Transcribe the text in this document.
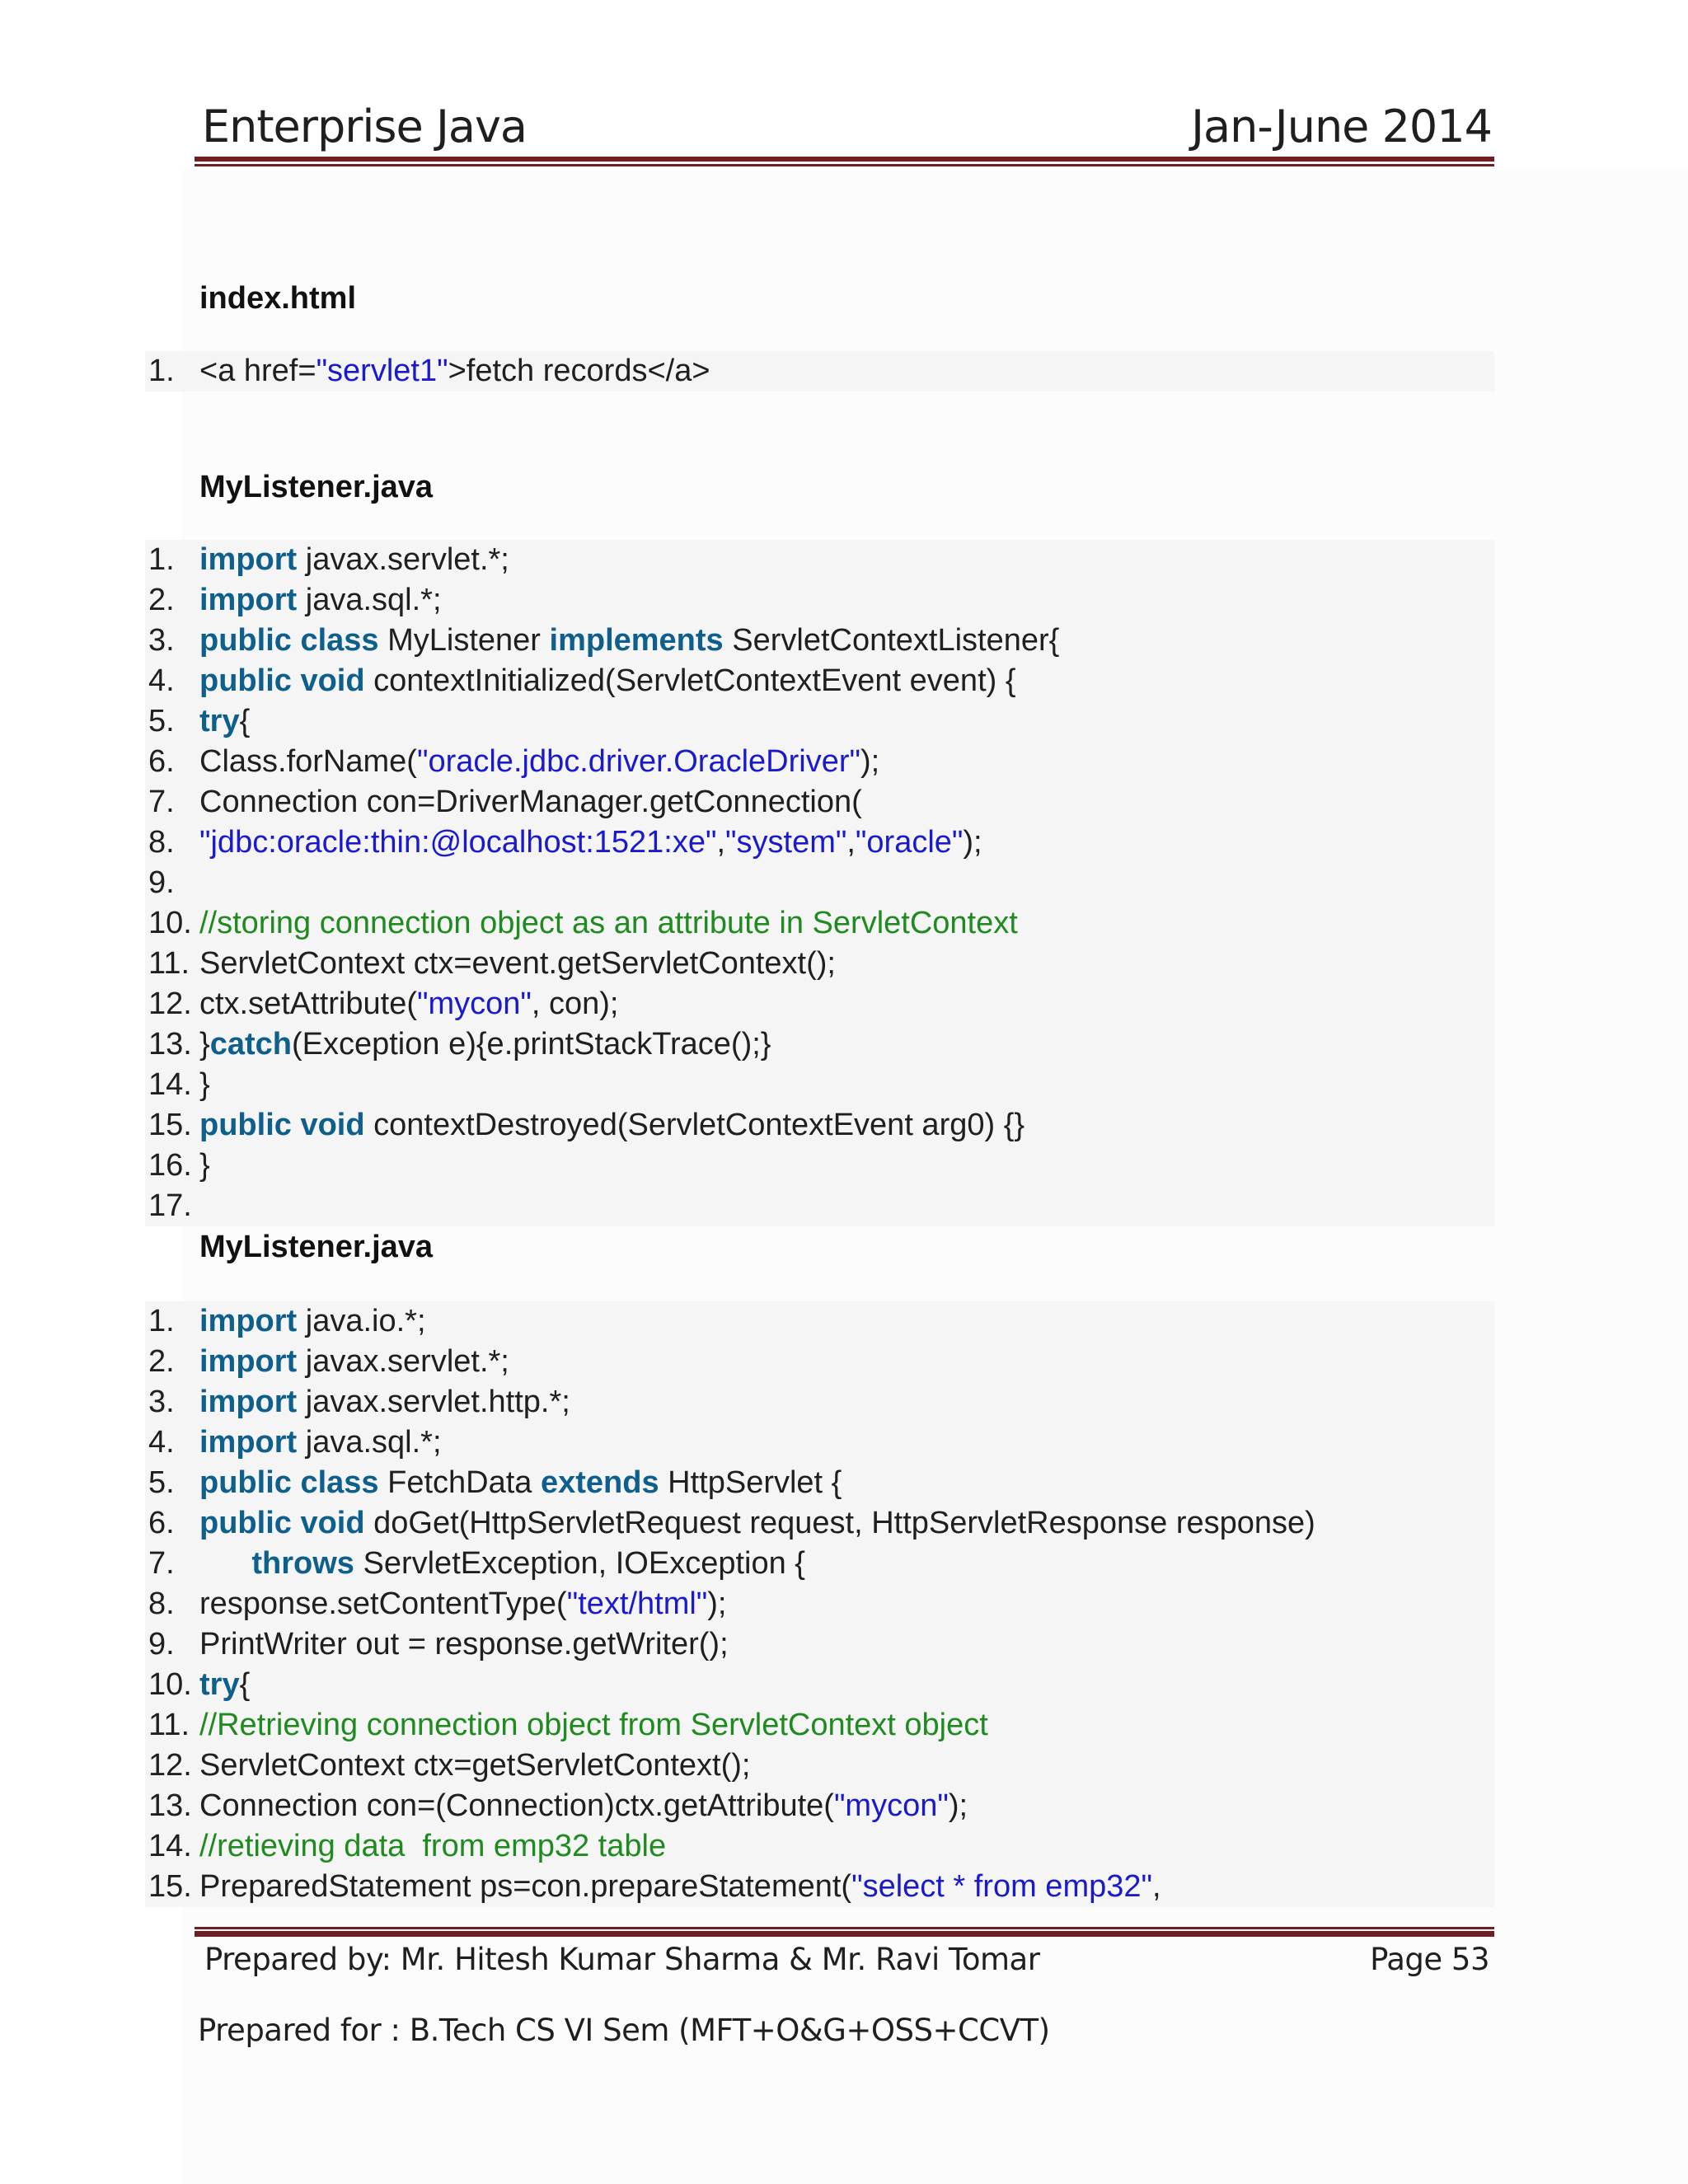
Enterprise Java	Jan-June 2014
index.html
1. <a href="servlet1">fetch records</a>
MyListener.java
1. import javax.servlet.*;
2. import java.sql.*;
3. public class MyListener implements ServletContextListener{
4. public void contextInitialized(ServletContextEvent event) {
5. try{
6. Class.forName("oracle.jdbc.driver.OracleDriver");
7. Connection con=DriverManager.getConnection(
8. "jdbc:oracle:thin:@localhost:1521:xe","system","oracle");
9.
10. //storing connection object as an attribute in ServletContext
11. ServletContext ctx=event.getServletContext();
12. ctx.setAttribute("mycon", con);
13. }catch(Exception e){e.printStackTrace();}
14. }
15. public void contextDestroyed(ServletContextEvent arg0) {}
16. }
17.
MyListener.java
1. import java.io.*;
2. import javax.servlet.*;
3. import javax.servlet.http.*;
4. import java.sql.*;
5. public class FetchData extends HttpServlet {
6. public void doGet(HttpServletRequest request, HttpServletResponse response)
7.	throws ServletException, IOException {
8. response.setContentType("text/html");
9. PrintWriter out = response.getWriter();
10. try{
11. //Retrieving connection object from ServletContext object
12. ServletContext ctx=getServletContext();
13. Connection con=(Connection)ctx.getAttribute("mycon");
14. //retieving data  from emp32 table
15. PreparedStatement ps=con.prepareStatement("select * from emp32",
Prepared by: Mr. Hitesh Kumar Sharma & Mr. Ravi Tomar	Page 53
Prepared for : B.Tech CS VI Sem (MFT+O&G+OSS+CCVT)
